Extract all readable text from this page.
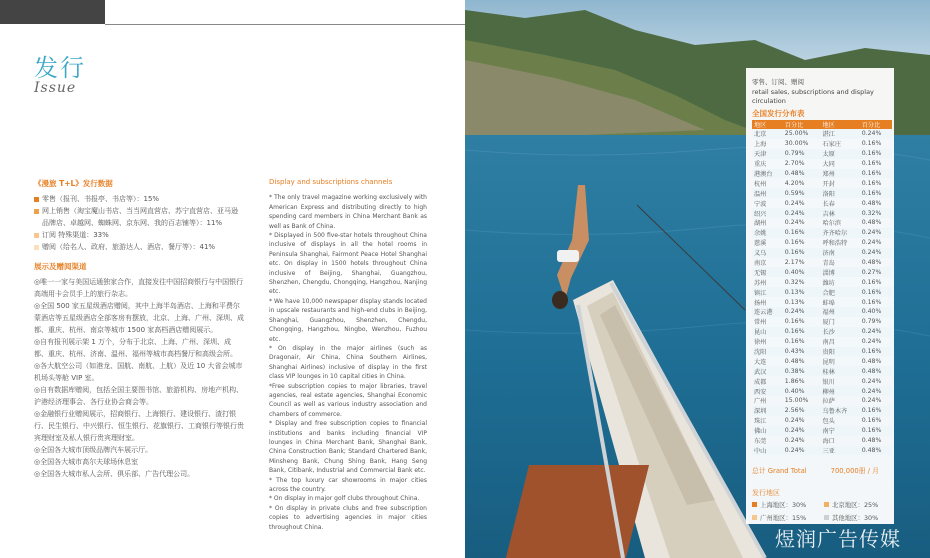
发行
Issue
《漫旅 T+L》发行数据
零售（报刊、书报亭、书店等）：15%
网上销售（淘宝魔山书店、当当网直营店、苏宁直营店、亚马逊品牌店、卓越网、蜘蛛网、京东网、我的百志铺等）：11%
订阅 特殊渠道：33%
赠阅（给名人、政府、旅游达人、酒店、餐厅等）：41%
展示及赠阅渠道

◎唯一一家与美国运通独家合作，直接发往中国招商银行与中国银行高端用卡会员手上的旅行杂志。

◎全国 500 家五星级酒店赠阅，其中上海半岛酒店、上海和平费尔蒙酒店等五星级酒店全部客房有摆放，北京、上海、广州、深圳、成都、重庆、杭州、南京等城市 1500 家高档酒店赠阅展示。

◎自有报刊展示架 1 万个，分布于北京、上海、广州、深圳、成都、重庆、杭州、济南、温州、福州等城市高档餐厅和高级会所。

◎各大航空公司（如港龙、国航、南航、上航）及近 10 大省会城市机场头等舱 VIP 室。

◎自有数据库赠阅，包括全国主要图书馆、旅游机构、房地产机构、沪港经济理事会、各行业协会商会等。

◎金融银行业赠阅展示，招商银行、上海银行、建设银行、渣打银行、民生银行、中兴银行、恒生银行、花旗银行、工商银行等银行贵宾理财室及私人银行贵宾理财室。

◎全国各大城市顶级品牌汽车展示厅。

◎全国各大城市高尔夫球场休息室

◎全国各大城市私人会所、俱乐部、广告代理公司。

Display and subscriptions channels

* The only travel magazine working exclusively with American Express and distributing directly to high spending card members in China Merchant Bank as well as Bank of China.

* Displayed in 500 five-star hotels throughout China inclusive of displays in all the hotel rooms in Peninsula Shanghai, Fairmont Peace Hotel Shanghai etc. On display in 1500 hotels throughout China inclusive of Beijing, Shanghai, Guangzhou, Shenzhen, Chengdu, Chongqing, Hangzhou, Nanjing etc.

* We have 10,000 newspaper display stands located in upscale restaurants and high-end clubs in Beijing, Shanghai, Guangzhou, Shenzhen, Chengdu, Chongqing, Hangzhou, Ningbo, Wenzhou, Fuzhou etc.

* On display in the major airlines (such as Dragonair, Air China, China Southern Airlines, Shanghai Airlines) inclusive of display in the first class VIP lounges in 10 capital cities in China.

*Free subscription copies to major libraries, travel agencies, real estate agencies, Shanghai Economic Council as well as various industry association and chambers of commerce.

* Display and free subscription copies to financial institutions and banks including financial VIP lounges in China Merchant Bank, Shanghai Bank, China Construction Bank; Standard Chartered Bank, Minsheng Bank, Chung Shing Bank, Hang Seng Bank, Citibank, Industrial and Commercial Bank etc.

* The top luxury car showrooms in major cities across the country.

* On display in major golf clubs throughout China.

* On display in private clubs and free subscription copies to advertising agencies in major cities throughout China.

零售、订阅、赠阅
retail sales, subscriptions and display circulation
全国发行分布表
地区	百分比	地区	百分比
北京	25.00%	湛江	0.24%
上海	30.00%	石家庄	0.16%
天津	0.79%	太原	0.16%
重庆	2.70%	大同	0.16%
港澳台	0.48%	郑州	0.16%
杭州	4.20%	开封	0.16%
温州	0.59%	洛阳	0.16%
宁波	0.24%	长春	0.48%
绍兴	0.24%	吉林	0.32%
湖州	0.24%	哈尔滨	0.48%
余姚	0.16%	齐齐哈尔	0.24%
慈溪	0.16%	呼和浩特	0.24%
义乌	0.16%	济南	0.24%
南京	2.17%	青岛	0.48%
无锡	0.40%	淄博	0.27%
苏州	0.32%	潍坊	0.16%
镇江	0.13%	合肥	0.16%
扬州	0.13%	蚌埠	0.16%
连云港	0.24%	福州	0.40%
常州	0.16%	厦门	0.79%
昆山	0.16%	长沙	0.24%
徐州	0.16%	南昌	0.24%
沈阳	0.43%	贵阳	0.16%
大连	0.48%	昆明	0.48%
武汉	0.38%	桂林	0.48%
成都	1.86%	银川	0.24%
西安	0.40%	柳州	0.24%
广州	15.00%	拉萨	0.24%
深圳	2.56%	乌鲁木齐	0.16%
珠江	0.24%	包头	0.16%
佛山	0.24%	南宁	0.16%
东莞	0.24%	海口	0.48%
中山	0.24%	三亚	0.48%
总计 Grand Total	700,000册 / 月
发行地区
上海地区：30%	北京地区：25%
广州地区：15%	其他地区：30%
煜润广告传媒
